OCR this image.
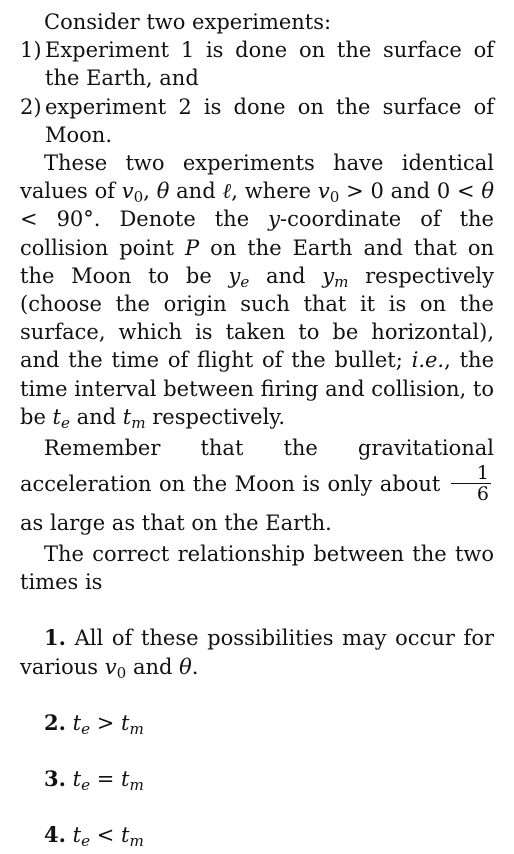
Consider two experiments:

1) Experiment 1 is done on the surface of the Earth, and
2) experiment 2 is done on the surface of Moon.

These two experiments have identical values of $v_0$, θ and ℓ, where $v_0 > 0$ and 0 < θ < 90°. Denote the y-coordinate of the collision point P on the Earth and that on the Moon to be $y_e$ and $y_m$ respectively (choose the origin such that it is on the surface, which is taken to be horizontal), and the time of flight of the bullet; i.e., the time interval between firing and collision, to be $t_e$ and $t_m$ respectively.

Remember that the gravitational acceleration on the Moon is only about $\frac{1}{6}$
as large as that on the Earth.

The correct relationship between the two times is

1. All of these possibilities may occur for various $v_0$ and θ.

2. $t_e > t_m$

3. $t_e = t_m$

4. $t_e < t_m$
